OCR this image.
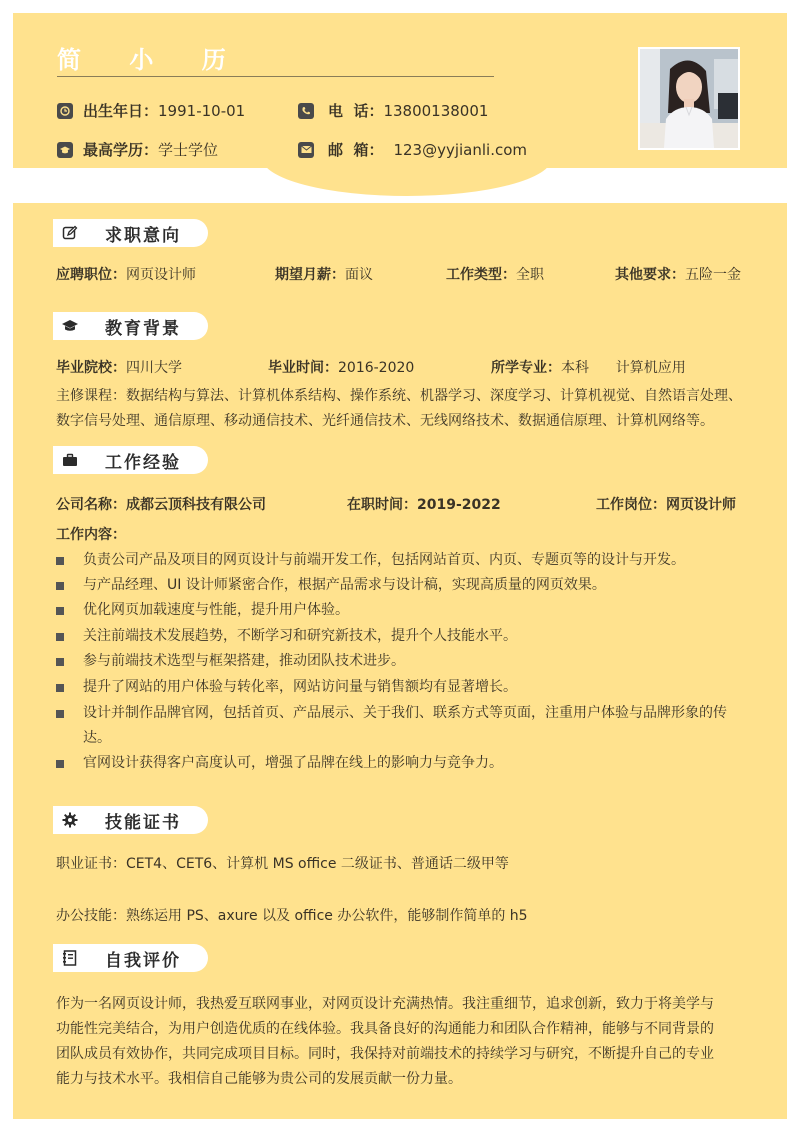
简 小 历
出生年日： 1991-10-01
最高学历： 学士学位
电  话： 13800138001
邮  箱： 123@yyjianli.com
求职意向
应聘职位：网页设计师	期望月薪：面议	工作类型：全职	其他要求：五险一金
教育背景
毕业院校：四川大学	毕业时间：2016-2020	所学专业：本科      计算机应用
主修课程：数据结构与算法、计算机体系结构、操作系统、机器学习、深度学习、计算机视觉、自然语言处理、
数字信号处理、通信原理、移动通信技术、光纤通信技术、无线网络技术、数据通信原理、计算机网络等。
工作经验
公司名称：成都云顶科技有限公司	在职时间：2019-2022	工作岗位：网页设计师
工作内容：
负责公司产品及项目的网页设计与前端开发工作，包括网站首页、内页、专题页等的设计与开发。
与产品经理、UI 设计师紧密合作，根据产品需求与设计稿，实现高质量的网页效果。
优化网页加载速度与性能，提升用户体验。
关注前端技术发展趋势，不断学习和研究新技术，提升个人技能水平。
参与前端技术选型与框架搭建，推动团队技术进步。
提升了网站的用户体验与转化率，网站访问量与销售额均有显著增长。
设计并制作品牌官网，包括首页、产品展示、关于我们、联系方式等页面，注重用户体验与品牌形象的传
达。
官网设计获得客户高度认可，增强了品牌在线上的影响力与竞争力。
技能证书
职业证书：CET4、CET6、计算机 MS office 二级证书、普通话二级甲等
办公技能：熟练运用 PS、axure 以及 office 办公软件，能够制作简单的 h5
自我评价
作为一名网页设计师，我热爱互联网事业，对网页设计充满热情。我注重细节，追求创新，致力于将美学与
功能性完美结合，为用户创造优质的在线体验。我具备良好的沟通能力和团队合作精神，能够与不同背景的
团队成员有效协作，共同完成项目目标。同时，我保持对前端技术的持续学习与研究，不断提升自己的专业
能力与技术水平。我相信自己能够为贵公司的发展贡献一份力量。
